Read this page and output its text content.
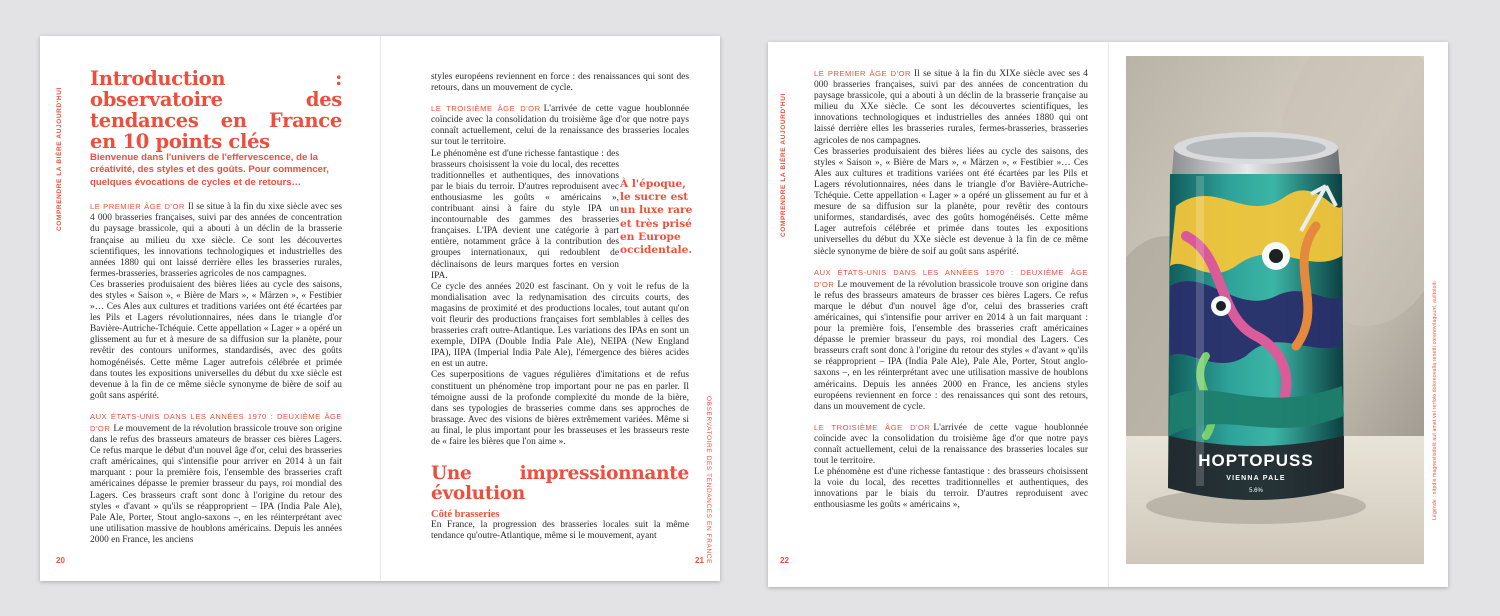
COMPRENDRE LA BIÈRE AUJOURD'HUI
OBSERVATOIRE DES TENDANCES EN FRANCE
20	21
Introduction : observatoire des tendances en France en 10 points clés

Bienvenue dans l'univers de l'effervescence, de la créativité, des styles et des goûts. Pour commencer, quelques évocations de cycles et de retours…

LE PREMIER ÂGE D'OR Il se situe à la fin du xixe siècle avec ses 4 000 brasseries françaises, suivi par des années de concentration du paysage brassicole, qui a abouti à un déclin de la brasserie française au milieu du xxe siècle. Ce sont les découvertes scientifiques, les innovations technologiques et industrielles des années 1880 qui ont laissé derrière elles les brasseries rurales, fermes-brasseries, brasseries agricoles de nos campagnes.

Ces brasseries produisaient des bières liées au cycle des saisons, des styles « Saison », « Bière de Mars », « Märzen », « Festibier »… Ces Ales aux cultures et traditions variées ont été écartées par les Pils et Lagers révolutionnaires, nées dans le triangle d'or Bavière-Autriche-Tchéquie. Cette appellation « Lager » a opéré un glissement au fur et à mesure de sa diffusion sur la planète, pour revêtir des contours uniformes, standardisés, avec des goûts homogénéisés. Cette même Lager autrefois célébrée et primée dans toutes les expositions universelles du début du xxe siècle est devenue à la fin de ce même siècle synonyme de bière de soif au goût sans aspérité.

AUX ÉTATS-UNIS DANS LES ANNÉES 1970 : DEUXIÈME ÂGE D'OR Le mouvement de la révolution brassicole trouve son origine dans le refus des brasseurs amateurs de brasser ces bières Lagers. Ce refus marque le début d'un nouvel âge d'or, celui des brasseries craft américaines, qui s'intensifie pour arriver en 2014 à un fait marquant : pour la première fois, l'ensemble des brasseries craft américaines dépasse le premier brasseur du pays, roi mondial des Lagers. Ces brasseurs craft sont donc à l'origine du retour des styles « d'avant » qu'ils se réapproprient – IPA (India Pale Ale), Pale Ale, Porter, Stout anglo-saxons –, en les réinterprétant avec une utilisation massive de houblons américains. Depuis les années 2000 en France, les anciens

styles européens reviennent en force : des renaissances qui sont des retours, dans un mouvement de cycle.

LE TROISIÈME ÂGE D'OR L'arrivée de cette vague houblonnée coïncide avec la consolidation du troisième âge d'or que notre pays connaît actuellement, celui de la renaissance des brasseries locales sur tout le territoire.

Le phénomène est d'une richesse fantastique : des brasseurs choisissent la voie du local, des recettes traditionnelles et authentiques, des innovations par le biais du terroir. D'autres reproduisent avec enthousiasme les goûts « américains », contribuant ainsi à faire du style IPA un incontournable des gammes des brasseries françaises. L'IPA devient une catégorie à part entière, notamment grâce à la contribution des groupes internationaux, qui redoublent de déclinaisons de leurs marques fortes en version IPA.

Ce cycle des années 2020 est fascinant. On y voit le refus de la mondialisation avec la redynamisation des circuits courts, des magasins de proximité et des productions locales, tout autant qu'on voit fleurir des productions françaises fort semblables à celles des brasseries craft outre-Atlantique. Les variations des IPAs en sont un exemple, DIPA (Double India Pale Ale), NEIPA (New England IPA), IIPA (Imperial India Pale Ale), l'émergence des bières acides en est un autre.

Ces superpositions de vagues régulières d'imitations et de refus constituent un phénomène trop important pour ne pas en parler. Il témoigne aussi de la profonde complexité du monde de la bière, dans ses typologies de brasseries comme dans ses approches de brassage. Avec des visions de bières extrêmement variées. Même si au final, le plus important pour les brasseuses et les brasseurs reste de « faire les bières que l'on aime ».

Une impressionnante évolution
Côté brasseries

En France, la progression des brasseries locales suit la même tendance qu'outre-Atlantique, même si le mouvement, ayant

À l'époque, le sucre est un luxe rare et très prisé en Europe occidentale.
COMPRENDRE LA BIÈRE AUJOURD'HUI
22

LE PREMIER ÂGE D'OR Il se situe à la fin du XIXe siècle avec ses 4 000 brasseries françaises, suivi par des années de concentration du paysage brassicole, qui a abouti à un déclin de la brasserie française au milieu du XXe siècle. Ce sont les découvertes scientifiques, les innovations technologiques et industrielles des années 1880 qui ont laissé derrière elles les brasseries rurales, fermes-brasseries, brasseries agricoles de nos campagnes.

Ces brasseries produisaient des bières liées au cycle des saisons, des styles « Saison », « Bière de Mars », « Märzen », « Festibier »… Ces Ales aux cultures et traditions variées ont été écartées par les Pils et Lagers révolutionnaires, nées dans le triangle d'or Bavière-Autriche-Tchéquie. Cette appellation « Lager » a opéré un glissement au fur et à mesure de sa diffusion sur la planète, pour revêtir des contours uniformes, standardisés, avec des goûts homogénéisés. Cette même Lager autrefois célébrée et primée dans toutes les expositions universelles du début du XXe siècle est devenue à la fin de ce même siècle synonyme de bière de soif au goût sans aspérité.

AUX ÉTATS-UNIS DANS LES ANNÉES 1970 : DEUXIÈME ÂGE D'OR Le mouvement de la révolution brassicole trouve son origine dans le refus des brasseurs amateurs de brasser ces bières Lagers. Ce refus marque le début d'un nouvel âge d'or, celui des brasseries craft américaines, qui s'intensifie pour arriver en 2014 à un fait marquant : pour la première fois, l'ensemble des brasseries craft américaines dépasse le premier brasseur du pays, roi mondial des Lagers. Ces brasseurs craft sont donc à l'origine du retour des styles « d'avant » qu'ils se réapproprient – IPA (India Pale Ale), Pale Ale, Porter, Stout anglo-saxons –, en les réinterprétant avec une utilisation massive de houblons américains. Depuis les années 2000 en France, les anciens styles européens reviennent en force : des renaissances qui sont des retours, dans un mouvement de cycle.

LE TROISIÈME ÂGE D'OR L'arrivée de cette vague houblonnée coïncide avec la consolidation du troisième âge d'or que notre pays connaît actuellement, celui de la renaissance des brasseries locales sur tout le territoire.

Le phénomène est d'une richesse fantastique : des brasseurs choisissent la voie du local, des recettes traditionnelles et authentiques, des innovations par le biais du terroir. D'autres reproduisent avec enthousiasme les goûts « américains »,

HOPTOPUSS
VIENNA PALE
5.6%	Légende : nitpdis magnestisdolit aut amet vel rerfolo doloreovalla renetti corenovilaquunt, auiltoloiti
